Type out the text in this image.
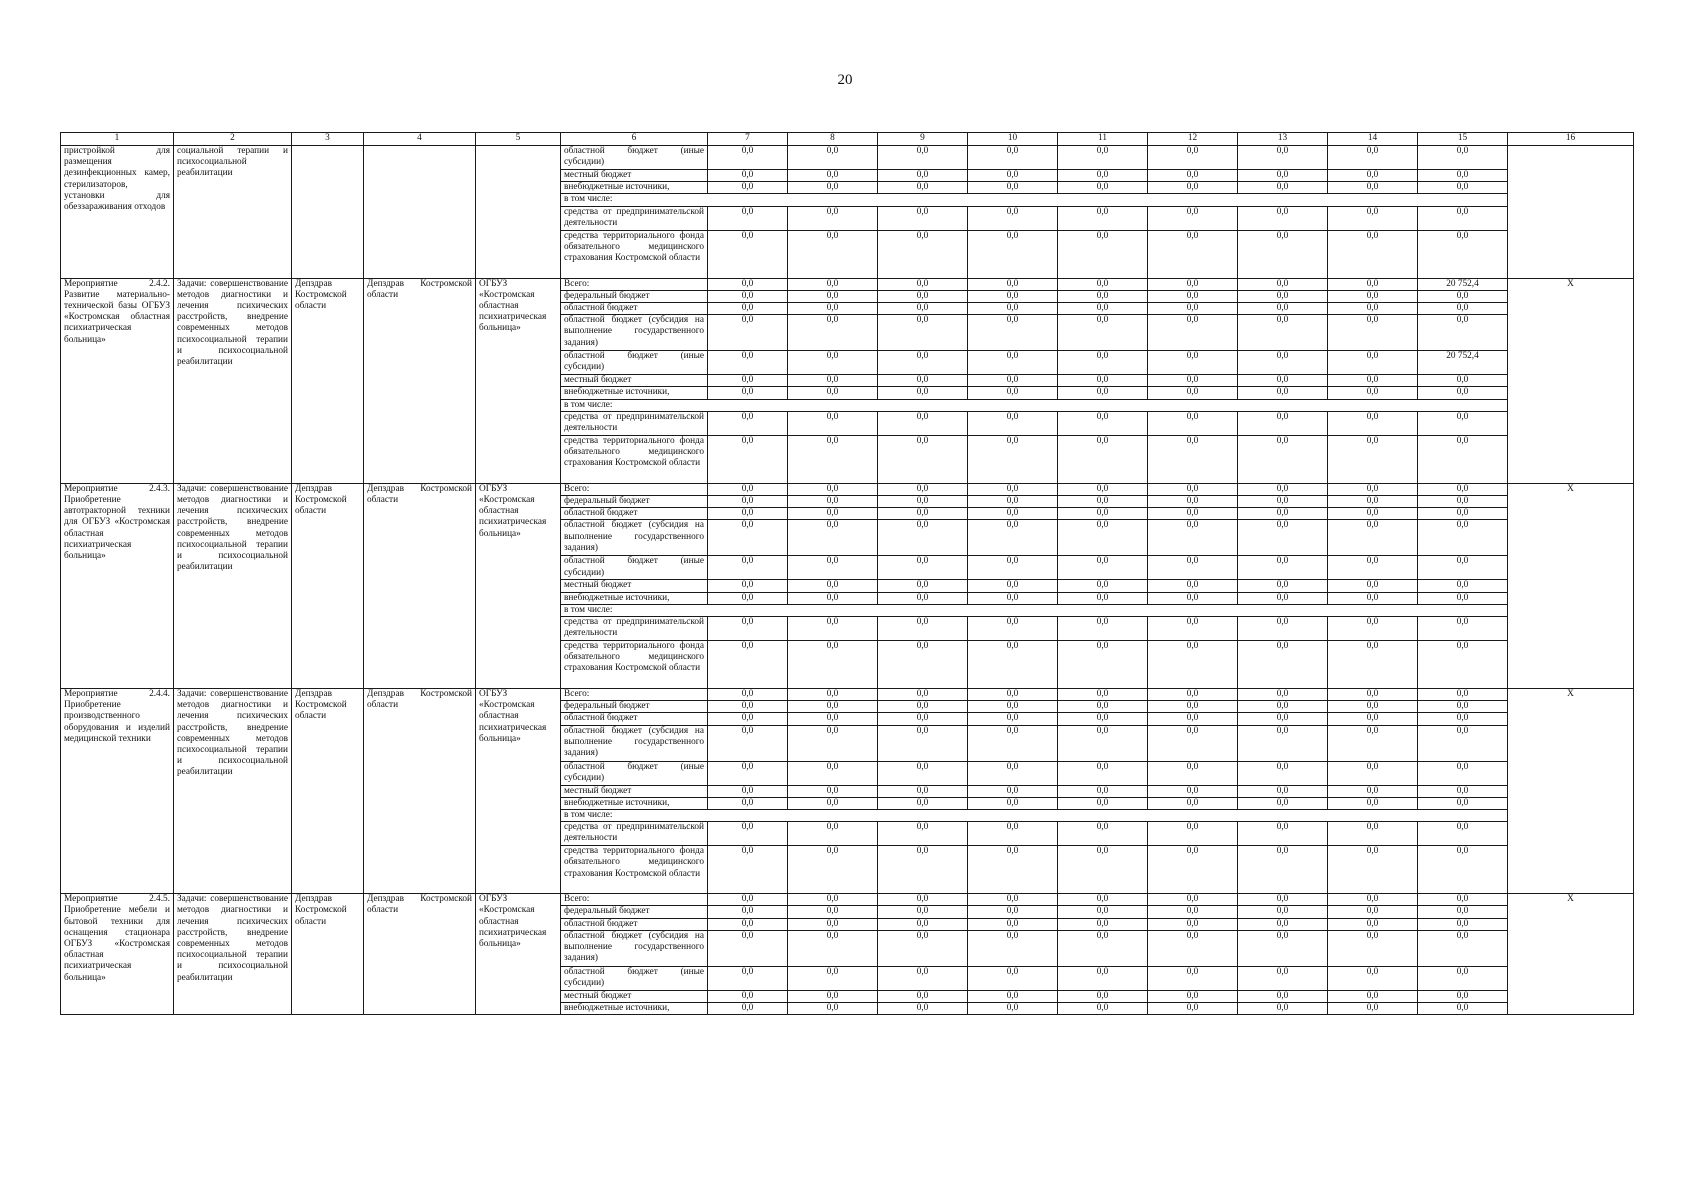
20
1	2	3	4	5	6	7	8	9	10	11	12	13	14	15	16
пристройкой для размещения дезинфекционных камер, стерилизаторов, установки для обеззараживания отходов	социальной терапии и психосоциальной реабилитации				областной бюджет (иные субсидии)	0,0	0,0	0,0	0,0	0,0	0,0	0,0	0,0	0,0	
					местный бюджет	0,0	0,0	0,0	0,0	0,0	0,0	0,0	0,0	0,0	
					внебюджетные источники,	0,0	0,0	0,0	0,0	0,0	0,0	0,0	0,0	0,0	
					в том числе:										
					средства от предпринимательской деятельности	0,0	0,0	0,0	0,0	0,0	0,0	0,0	0,0	0,0	
					средства территориального фонда обязательного медицинского страхования Костромской области	0,0	0,0	0,0	0,0	0,0	0,0	0,0	0,0	0,0	
Мероприятие 2.4.2. Развитие материально-технической базы ОГБУЗ «Костромская областная психиатрическая больница»	Задачи: совершенствование методов диагностики и лечения психических расстройств, внедрение современных методов психосоциальной терапии и психосоциальной реабилитации	Депздрав Костромской области	Депздрав Костромской области	ОГБУЗ «Костромская областная психиатрическая больница»	Всего:	0,0	0,0	0,0	0,0	0,0	0,0	0,0	0,0	20 752,4	X
					федеральный бюджет	0,0	0,0	0,0	0,0	0,0	0,0	0,0	0,0	0,0	
					областной бюджет	0,0	0,0	0,0	0,0	0,0	0,0	0,0	0,0	0,0	
					областной бюджет (субсидия на выполнение государственного задания)	0,0	0,0	0,0	0,0	0,0	0,0	0,0	0,0	0,0	
					областной бюджет (иные субсидии)	0,0	0,0	0,0	0,0	0,0	0,0	0,0	0,0	20 752,4	
					местный бюджет	0,0	0,0	0,0	0,0	0,0	0,0	0,0	0,0	0,0	
					внебюджетные источники,	0,0	0,0	0,0	0,0	0,0	0,0	0,0	0,0	0,0	
					в том числе:										
					средства от предпринимательской деятельности	0,0	0,0	0,0	0,0	0,0	0,0	0,0	0,0	0,0	
					средства территориального фонда обязательного медицинского страхования Костромской области	0,0	0,0	0,0	0,0	0,0	0,0	0,0	0,0	0,0	
Мероприятие 2.4.3. Приобретение автотракторной техники для ОГБУЗ «Костромская областная психиатрическая больница»	Задачи: совершенствование методов диагностики и лечения психических расстройств, внедрение современных методов психосоциальной терапии и психосоциальной реабилитации	Депздрав Костромской области	Депздрав Костромской области	ОГБУЗ «Костромская областная психиатрическая больница»	Всего:	0,0	0,0	0,0	0,0	0,0	0,0	0,0	0,0	0,0	X
					федеральный бюджет	0,0	0,0	0,0	0,0	0,0	0,0	0,0	0,0	0,0	
					областной бюджет	0,0	0,0	0,0	0,0	0,0	0,0	0,0	0,0	0,0	
					областной бюджет (субсидия на выполнение государственного задания)	0,0	0,0	0,0	0,0	0,0	0,0	0,0	0,0	0,0	
					областной бюджет (иные субсидии)	0,0	0,0	0,0	0,0	0,0	0,0	0,0	0,0	0,0	
					местный бюджет	0,0	0,0	0,0	0,0	0,0	0,0	0,0	0,0	0,0	
					внебюджетные источники,	0,0	0,0	0,0	0,0	0,0	0,0	0,0	0,0	0,0	
					в том числе:										
					средства от предпринимательской деятельности	0,0	0,0	0,0	0,0	0,0	0,0	0,0	0,0	0,0	
					средства территориального фонда обязательного медицинского страхования Костромской области	0,0	0,0	0,0	0,0	0,0	0,0	0,0	0,0	0,0	
Мероприятие 2.4.4. Приобретение производственного оборудования и изделий медицинской техники	Задачи: совершенствование методов диагностики и лечения психических расстройств, внедрение современных методов психосоциальной терапии и психосоциальной реабилитации	Депздрав Костромской области	Депздрав Костромской области	ОГБУЗ «Костромская областная психиатрическая больница»	Всего:	0,0	0,0	0,0	0,0	0,0	0,0	0,0	0,0	0,0	X
					федеральный бюджет	0,0	0,0	0,0	0,0	0,0	0,0	0,0	0,0	0,0	
					областной бюджет	0,0	0,0	0,0	0,0	0,0	0,0	0,0	0,0	0,0	
					областной бюджет (субсидия на выполнение государственного задания)	0,0	0,0	0,0	0,0	0,0	0,0	0,0	0,0	0,0	
					областной бюджет (иные субсидии)	0,0	0,0	0,0	0,0	0,0	0,0	0,0	0,0	0,0	
					местный бюджет	0,0	0,0	0,0	0,0	0,0	0,0	0,0	0,0	0,0	
					внебюджетные источники,	0,0	0,0	0,0	0,0	0,0	0,0	0,0	0,0	0,0	
					в том числе:										
					средства от предпринимательской деятельности	0,0	0,0	0,0	0,0	0,0	0,0	0,0	0,0	0,0	
					средства территориального фонда обязательного медицинского страхования Костромской области	0,0	0,0	0,0	0,0	0,0	0,0	0,0	0,0	0,0	
Мероприятие 2.4.5. Приобретение мебели и бытовой техники для оснащения стационара ОГБУЗ «Костромская областная психиатрическая больница»	Задачи: совершенствование методов диагностики и лечения психических расстройств, внедрение современных методов психосоциальной терапии и психосоциальной реабилитации	Депздрав Костромской области	Депздрав Костромской области	ОГБУЗ «Костромская областная психиатрическая больница»	Всего:	0,0	0,0	0,0	0,0	0,0	0,0	0,0	0,0	0,0	X
					федеральный бюджет	0,0	0,0	0,0	0,0	0,0	0,0	0,0	0,0	0,0	
					областной бюджет	0,0	0,0	0,0	0,0	0,0	0,0	0,0	0,0	0,0	
					областной бюджет (субсидия на выполнение государственного задания)	0,0	0,0	0,0	0,0	0,0	0,0	0,0	0,0	0,0	
					областной бюджет (иные субсидии)	0,0	0,0	0,0	0,0	0,0	0,0	0,0	0,0	0,0	
					местный бюджет	0,0	0,0	0,0	0,0	0,0	0,0	0,0	0,0	0,0	
					внебюджетные источники,	0,0	0,0	0,0	0,0	0,0	0,0	0,0	0,0	0,0	
